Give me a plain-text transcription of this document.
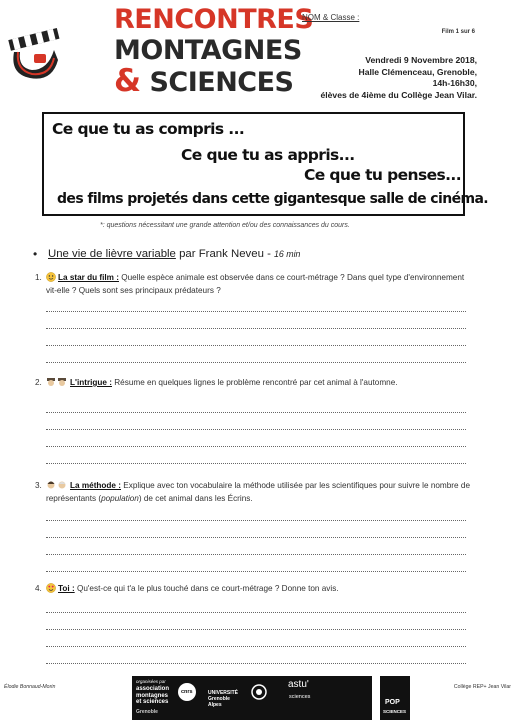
RENCONTRES
MONTAGNES
& SCIENCES
NOM & Classe :
Film 1 sur 6
Vendredi 9 Novembre 2018,
Halle Clémenceau, Grenoble,
14h-16h30,
élèves de 4ième du Collège Jean Vilar.
Ce que tu as compris ...
Ce que tu as appris...
Ce que tu penses...
des films projetés dans cette gigantesque salle de cinéma.
*: questions nécessitant une grande attention et/ou des connaissances du cours.
• Une vie de lièvre variable par Frank Neveu - 16 min
1. La star du film : Quelle espèce animale est observée dans ce court-métrage ? Dans quel type d'environnement vit-elle ? Quels sont ses principaux prédateurs ?
2.	L'intrigue : Résume en quelques lignes le problème rencontré par cet animal à l'automne.
3.	La méthode : Explique avec ton vocabulaire la méthode utilisée par les scientifiques pour suivre le nombre de représentants (population) de cet animal dans les Écrins.
4. Toi : Qu'est-ce qui t'a le plus touché dans ce court-métrage ? Donne ton avis.
Élodie Bonnaud-Morin	Collège REP+ Jean Vilar
organisées par
association
montagnes
et sciences
Grenoble
cnrs	UNIVERSITÉ
Grenoble
Alpes
astu'
sciences
POP
SCIENCES
